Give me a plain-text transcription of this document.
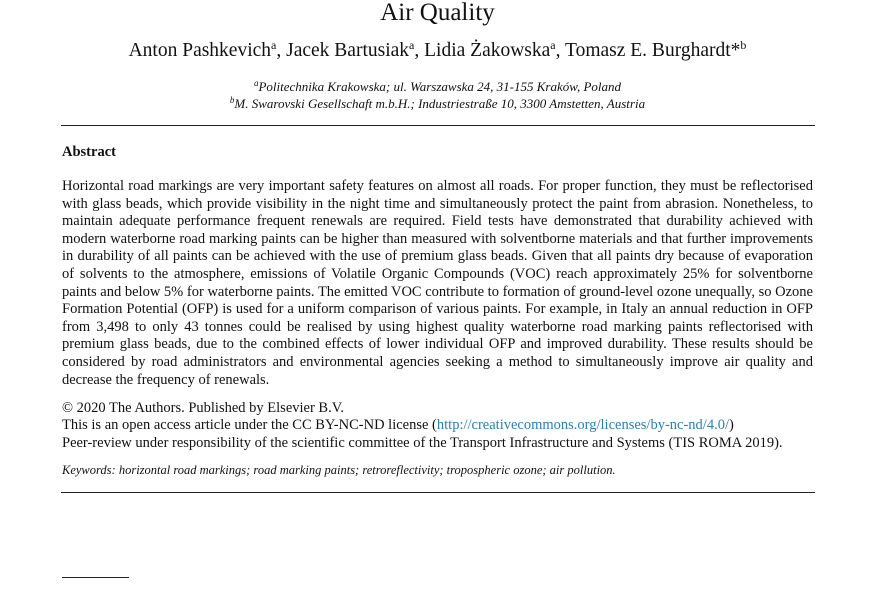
Air Quality
Anton Pashkevich$^a$, Jacek Bartusiak$^a$, Lidia Żakowska$^a$, Tomasz E. Burghardt*$^b$
$^a$Politechnika Krakowska; ul. Warszawska 24, 31-155 Kraków, Poland
$^b$M. Swarovski Gesellschaft m.b.H.; Industriestraße 10, 3300 Amstetten, Austria
Abstract
Horizontal road markings are very important safety features on almost all roads. For proper function, they must be reflectorised with glass beads, which provide visibility in the night time and simultaneously protect the paint from abrasion. Nonetheless, to maintain adequate performance frequent renewals are required. Field tests have demonstrated that durability achieved with modern waterborne road marking paints can be higher than measured with solventborne materials and that further improvements in durability of all paints can be achieved with the use of premium glass beads. Given that all paints dry because of evaporation of solvents to the atmosphere, emissions of Volatile Organic Compounds (VOC) reach approximately 25% for solventborne paints and below 5% for waterborne paints. The emitted VOC contribute to formation of ground-level ozone unequally, so Ozone Formation Potential (OFP) is used for a uniform comparison of various paints. For example, in Italy an annual reduction in OFP from 3,498 to only 43 tonnes could be realised by using highest quality waterborne road marking paints reflectorised with premium glass beads, due to the combined effects of lower individual OFP and improved durability. These results should be considered by road administrators and environmental agencies seeking a method to simultaneously improve air quality and decrease the frequency of renewals.
© 2020 The Authors. Published by Elsevier B.V.
This is an open access article under the CC BY-NC-ND license (http://creativecommons.org/licenses/by-nc-nd/4.0/)
Peer-review under responsibility of the scientific committee of the Transport Infrastructure and Systems (TIS ROMA 2019).
Keywords: horizontal road markings; road marking paints; retroreflectivity; tropospheric ozone; air pollution.
